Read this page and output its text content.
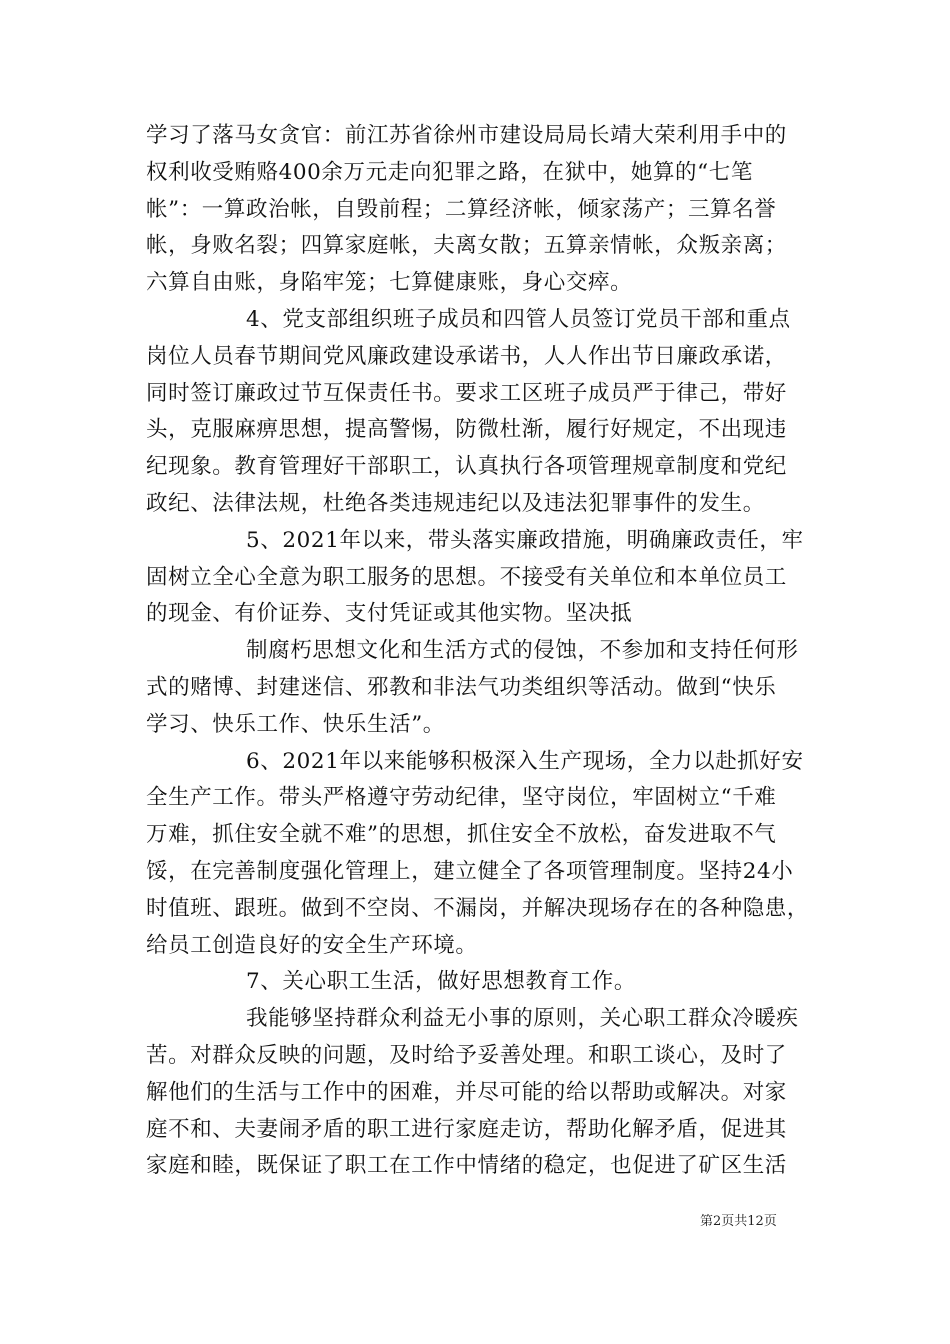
学习了落马女贪官：前江苏省徐州市建设局局长靖大荣利用手中的
权利收受贿赂400余万元走向犯罪之路，在狱中，她算的“七笔
帐”：一算政治帐，自毁前程；二算经济帐，倾家荡产；三算名誉
帐，身败名裂；四算家庭帐，夫离女散；五算亲情帐，众叛亲离；
六算自由账，身陷牢笼；七算健康账，身心交瘁。

4、党支部组织班子成员和四管人员签订党员干部和重点
岗位人员春节期间党风廉政建设承诺书，人人作出节日廉政承诺，
同时签订廉政过节互保责任书。要求工区班子成员严于律己，带好
头，克服麻痹思想，提高警惕，防微杜渐，履行好规定，不出现违
纪现象。教育管理好干部职工，认真执行各项管理规章制度和党纪
政纪、法律法规，杜绝各类违规违纪以及违法犯罪事件的发生。

5、2021年以来，带头落实廉政措施，明确廉政责任，牢
固树立全心全意为职工服务的思想。不接受有关单位和本单位员工
的现金、有价证券、支付凭证或其他实物。坚决抵

制腐朽思想文化和生活方式的侵蚀，不参加和支持任何形
式的赌博、封建迷信、邪教和非法气功类组织等活动。做到“快乐
学习、快乐工作、快乐生活”。

6、2021年以来能够积极深入生产现场，全力以赴抓好安
全生产工作。带头严格遵守劳动纪律，坚守岗位，牢固树立“千难
万难，抓住安全就不难”的思想，抓住安全不放松，奋发进取不气
馁，在完善制度强化管理上，建立健全了各项管理制度。坚持24小
时值班、跟班。做到不空岗、不漏岗，并解决现场存在的各种隐患，
给员工创造良好的安全生产环境。

7、关心职工生活，做好思想教育工作。

我能够坚持群众利益无小事的原则，关心职工群众冷暖疾
苦。对群众反映的问题，及时给予妥善处理。和职工谈心，及时了
解他们的生活与工作中的困难，并尽可能的给以帮助或解决。对家
庭不和、夫妻闹矛盾的职工进行家庭走访，帮助化解矛盾，促进其
家庭和睦，既保证了职工在工作中情绪的稳定，也促进了矿区生活

第2页共12页
